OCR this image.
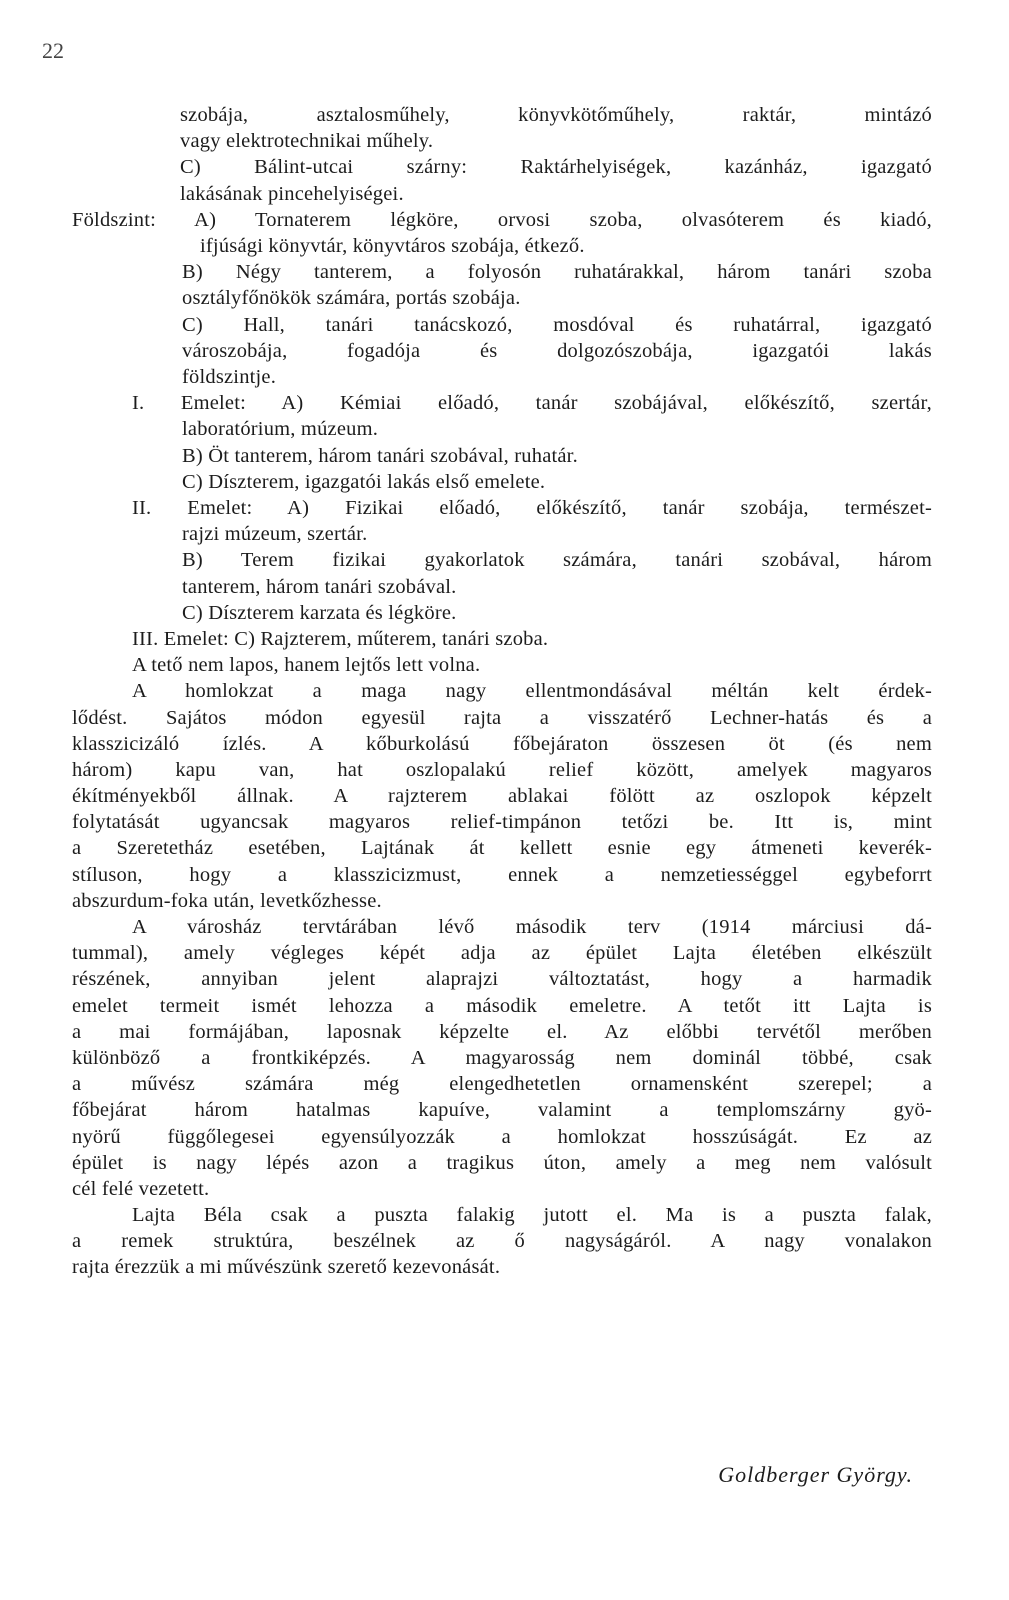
22
szobája, asztalosműhely, könyvkötőműhely, raktár, mintázó
vagy elektrotechnikai műhely.
C) Bálint-utcai szárny: Raktárhelyiségek, kazánház, igazgató
lakásának pincehelyiségei.
Földszint: A) Tornaterem légköre, orvosi szoba, olvasóterem és kiadó,
ifjúsági könyvtár, könyvtáros szobája, étkező.
B) Négy tanterem, a folyosón ruhatárakkal, három tanári szoba
osztályfőnökök számára, portás szobája.
C) Hall, tanári tanácskozó, mosdóval és ruhatárral, igazgató
városzobája, fogadója és dolgozószobája, igazgatói lakás
földszintje.
I. Emelet: A) Kémiai előadó, tanár szobájával, előkészítő, szertár,
laboratórium, múzeum.
B) Öt tanterem, három tanári szobával, ruhatár.
C) Díszterem, igazgatói lakás első emelete.
II. Emelet: A) Fizikai előadó, előkészítő, tanár szobája, természet-
rajzi múzeum, szertár.
B) Terem fizikai gyakorlatok számára, tanári szobával, három
tanterem, három tanári szobával.
C) Díszterem karzata és légköre.
III. Emelet: C) Rajzterem, műterem, tanári szoba.
A tető nem lapos, hanem lejtős lett volna.
A homlokzat a maga nagy ellentmondásával méltán kelt érdek-
lődést. Sajátos módon egyesül rajta a visszatérő Lechner-hatás és a
klasszicizáló ízlés. A kőburkolású főbejáraton összesen öt (és nem
három) kapu van, hat oszlopalakú relief között, amelyek magyaros
ékítményekből állnak. A rajzterem ablakai fölött az oszlopok képzelt
folytatását ugyancsak magyaros relief-timpánon tetőzi be. Itt is, mint
a Szeretetház esetében, Lajtának át kellett esnie egy átmeneti keverék-
stíluson, hogy a klasszicizmust, ennek a nemzetiességgel egybeforrt
abszurdum-foka után, levetkőzhesse.
A városház tervtárában lévő második terv (1914 márciusi dá-
tummal), amely végleges képét adja az épület Lajta életében elkészült
részének, annyiban jelent alaprajzi változtatást, hogy a harmadik
emelet termeit ismét lehozza a második emeletre. A tetőt itt Lajta is
a mai formájában, laposnak képzelte el. Az előbbi tervétől merőben
különböző a frontkiképzés. A magyarosság nem dominál többé, csak
a művész számára még elengedhetetlen ornamensként szerepel; a
főbejárat három hatalmas kapuíve, valamint a templomszárny gyö-
nyörű függőlegesei egyensúlyozzák a homlokzat hosszúságát. Ez az
épület is nagy lépés azon a tragikus úton, amely a meg nem valósult
cél felé vezetett.
Lajta Béla csak a puszta falakig jutott el. Ma is a puszta falak,
a remek struktúra, beszélnek az ő nagyságáról. A nagy vonalakon
rajta érezzük a mi művészünk szerető kezevonását.
Goldberger György.
